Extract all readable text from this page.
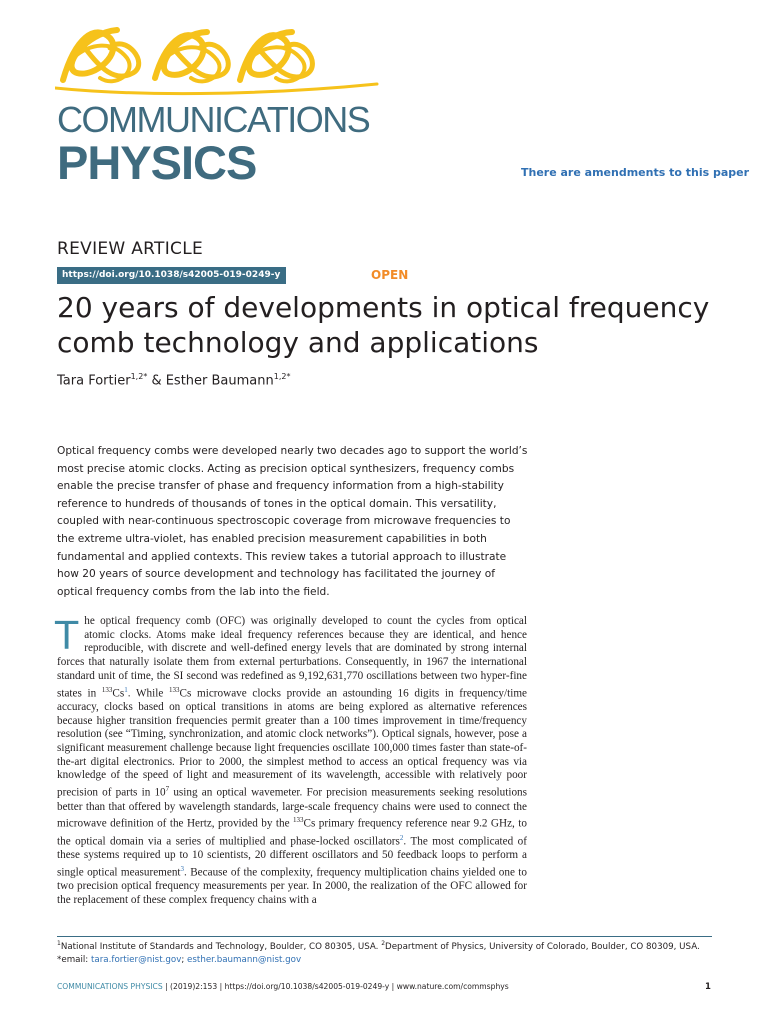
COMMUNICATIONS
PHYSICS	There are amendments to this paper
REVIEW ARTICLE
https://doi.org/10.1038/s42005-019-0249-y	OPEN
20 years of developments in optical frequency comb technology and applications
Tara Fortier$^{1,2*}$ & Esther Baumann$^{1,2*}$

Optical frequency combs were developed nearly two decades ago to support the world’s most precise atomic clocks. Acting as precision optical synthesizers, frequency combs enable the precise transfer of phase and frequency information from a high-stability reference to hundreds of thousands of tones in the optical domain. This versatility, coupled with near-continuous spectroscopic coverage from microwave frequencies to the extreme ultra-violet, has enabled precision measurement capabilities in both fundamental and applied contexts. This review takes a tutorial approach to illustrate how 20 years of source development and technology has facilitated the journey of optical frequency combs from the lab into the field.

The optical frequency comb (OFC) was originally developed to count the cycles from optical atomic clocks. Atoms make ideal frequency references because they are identical, and hence reproducible, with discrete and well-defined energy levels that are dominated by strong internal forces that naturally isolate them from external perturbations. Consequently, in 1967 the international standard unit of time, the SI second was redefined as 9,192,631,770 oscillations between two hyper-fine states in $^{133}$Cs$^1$. While $^{133}$Cs microwave clocks provide an astounding 16 digits in frequency/time accuracy, clocks based on optical transitions in atoms are being explored as alternative references because higher transition frequencies permit greater than a 100 times improvement in time/frequency resolution (see “Timing, synchronization, and atomic clock networks”). Optical signals, however, pose a significant measurement challenge because light frequencies oscillate 100,000 times faster than state-of-the-art digital electronics. Prior to 2000, the simplest method to access an optical frequency was via knowledge of the speed of light and measurement of its wavelength, accessible with relatively poor precision of parts in $10^7$ using an optical wavemeter. For precision measurements seeking resolutions better than that offered by wavelength standards, large-scale frequency chains were used to connect the microwave definition of the Hertz, provided by the $^{133}$Cs primary frequency reference near 9.2 GHz, to the optical domain via a series of multiplied and phase-locked oscillators$^2$. The most complicated of these systems required up to 10 scientists, 20 different oscillators and 50 feedback loops to perform a single optical measurement$^3$. Because of the complexity, frequency multiplication chains yielded one to two precision optical frequency measurements per year. In 2000, the realization of the OFC allowed for the replacement of these complex frequency chains with a
$^1$National Institute of Standards and Technology, Boulder, CO 80305, USA. $^2$Department of Physics, University of Colorado, Boulder, CO 80309, USA.
*email: tara.fortier@nist.gov; esther.baumann@nist.gov
COMMUNICATIONS PHYSICS | (2019)2:153 | https://doi.org/10.1038/s42005-019-0249-y | www.nature.com/commsphys	1
